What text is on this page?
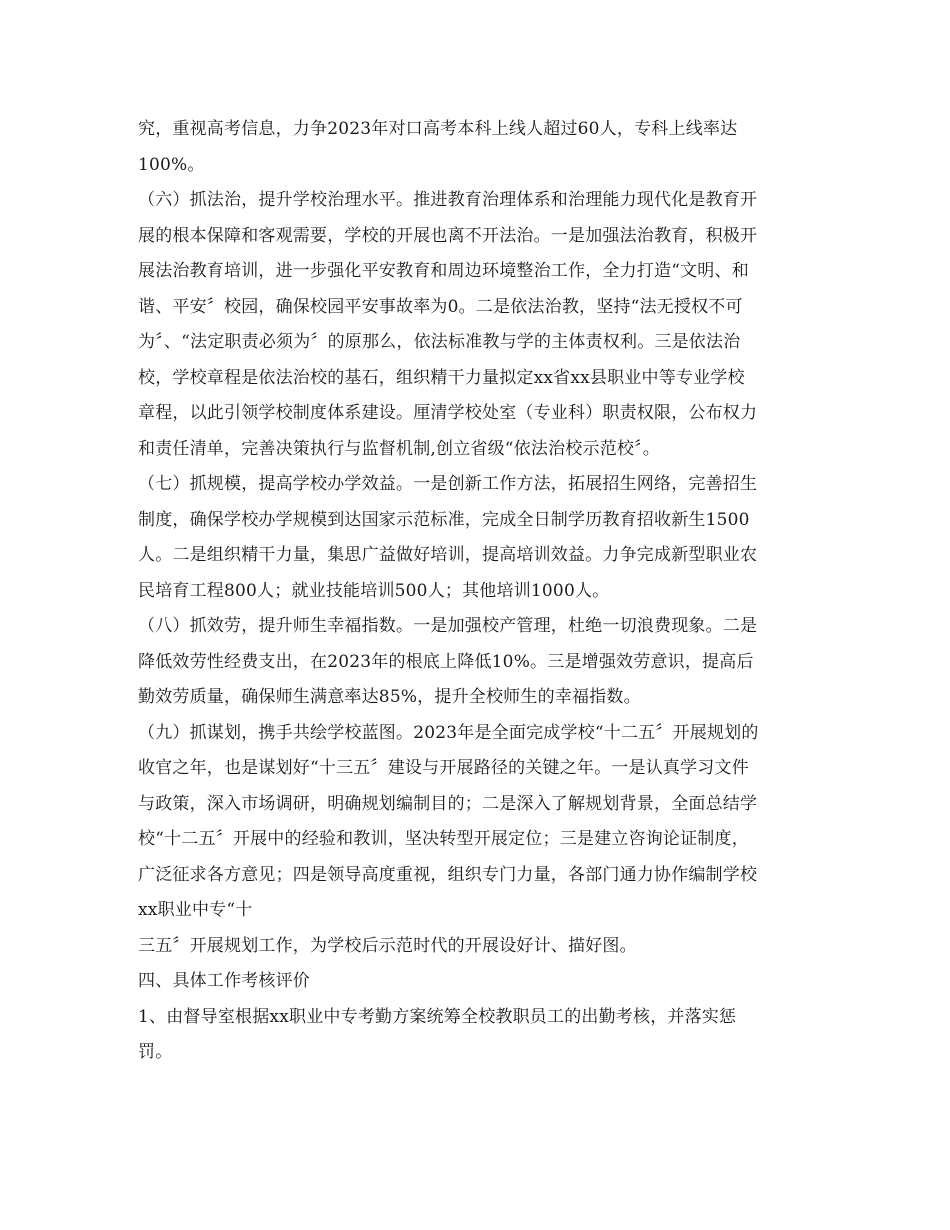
究，重视高考信息，力争2023年对口高考本科上线人超过60人，专科上线率达
100%。
（六）抓法治，提升学校治理水平。推进教育治理体系和治理能力现代化是教育开
展的根本保障和客观需要，学校的开展也离不开法治。一是加强法治教育，积极开
展法治教育培训，进一步强化平安教育和周边环境整治工作，全力打造“文明、和
谐、平安〞校园，确保校园平安事故率为0。二是依法治教，坚持“法无授权不可
为〞、“法定职责必须为〞的原那么，依法标准教与学的主体责权利。三是依法治
校，学校章程是依法治校的基石，组织精干力量拟定xx省xx县职业中等专业学校
章程，以此引领学校制度体系建设。厘清学校处室（专业科）职责权限，公布权力
和责任清单，完善决策执行与监督机制,创立省级“依法治校示范校〞。
（七）抓规模，提高学校办学效益。一是创新工作方法，拓展招生网络，完善招生
制度，确保学校办学规模到达国家示范标准，完成全日制学历教育招收新生1500
人。二是组织精干力量，集思广益做好培训，提高培训效益。力争完成新型职业农
民培育工程800人；就业技能培训500人；其他培训1000人。
（八）抓效劳，提升师生幸福指数。一是加强校产管理，杜绝一切浪费现象。二是
降低效劳性经费支出，在2023年的根底上降低10%。三是增强效劳意识，提高后
勤效劳质量，确保师生满意率达85%，提升全校师生的幸福指数。
（九）抓谋划，携手共绘学校蓝图。2023年是全面完成学校“十二五〞开展规划的
收官之年，也是谋划好“十三五〞建设与开展路径的关键之年。一是认真学习文件
与政策，深入市场调研，明确规划编制目的；二是深入了解规划背景，全面总结学
校“十二五〞开展中的经验和教训，坚决转型开展定位；三是建立咨询论证制度，
广泛征求各方意见；四是领导高度重视，组织专门力量，各部门通力协作编制学校
xx职业中专“十
三五〞开展规划工作，为学校后示范时代的开展设好计、描好图。
四、具体工作考核评价
1、由督导室根据xx职业中专考勤方案统筹全校教职员工的出勤考核，并落实惩
罚。
